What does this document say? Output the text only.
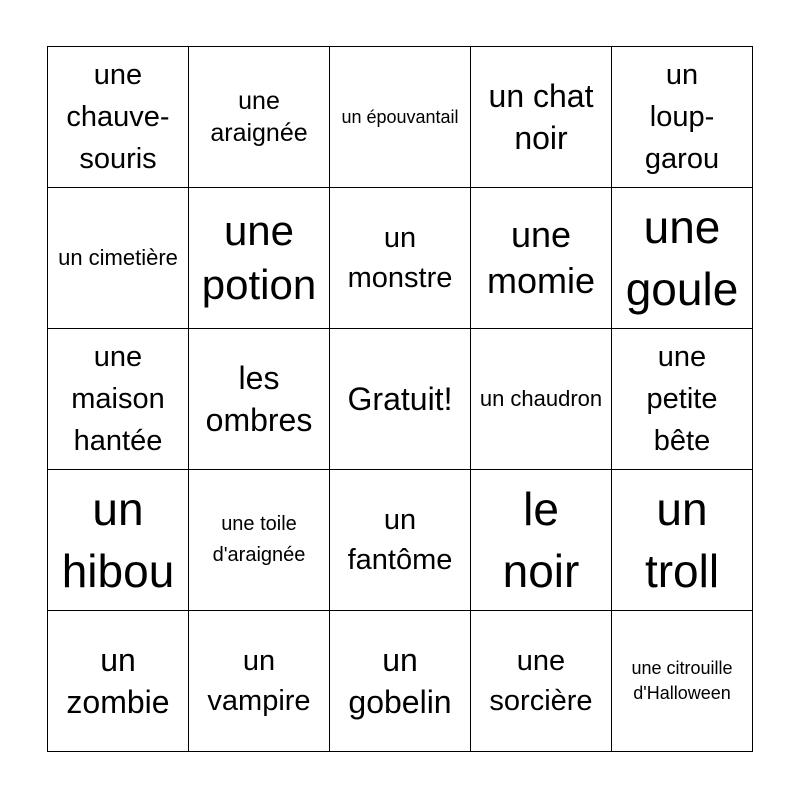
une chauve-souris
une araignée
un épouvantail
un chat noir
un loup-garou
un cimetière
une potion
un monstre
une momie
une goule
une maison hantée
les ombres
Gratuit! un chaudron
une petite bête
un hibou
une toile d'araignée
un fantôme
le noir
un troll
un zombie
un vampire
un gobelin
une sorcière
une citrouille d'Halloween
